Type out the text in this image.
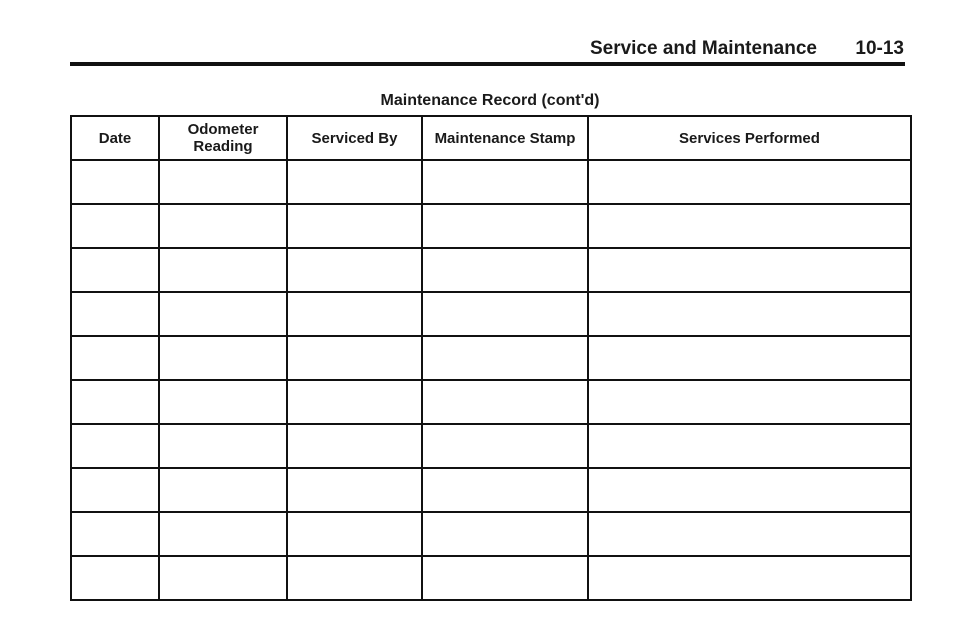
Service and Maintenance 10-13
Maintenance Record (cont'd)
Date	Odometer Reading	Serviced By	Maintenance Stamp	Services Performed
